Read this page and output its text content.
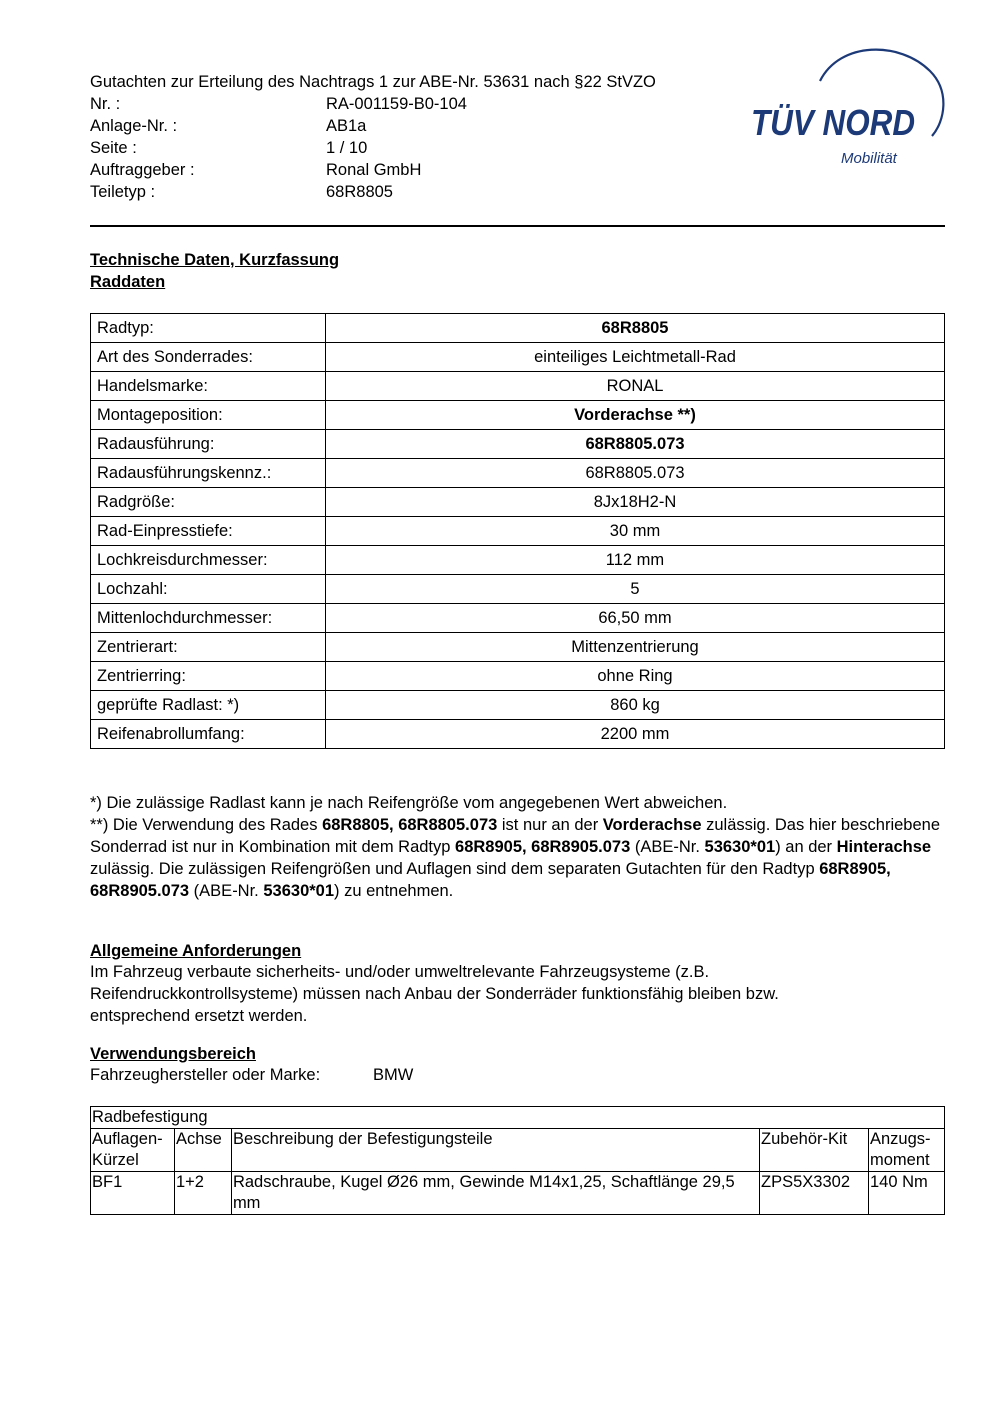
Gutachten zur Erteilung des Nachtrags 1 zur ABE-Nr. 53631 nach §22 StVZO
Nr. :	RA-001159-B0-104
Anlage-Nr. :	AB1a
Seite :	1 / 10
Auftraggeber :	Ronal GmbH
Teiletyp :	68R8805
TÜV NORD
Mobilität
Technische Daten, Kurzfassung
Raddaten
Radtyp:	68R8805
Art des Sonderrades:	einteiliges Leichtmetall-Rad
Handelsmarke:	RONAL
Montageposition:	Vorderachse **)
Radausführung:	68R8805.073
Radausführungskennz.:	68R8805.073
Radgröße:	8Jx18H2-N
Rad-Einpresstiefe:	30 mm
Lochkreisdurchmesser:	112 mm
Lochzahl:	5
Mittenlochdurchmesser:	66,50 mm
Zentrierart:	Mittenzentrierung
Zentrierring:	ohne Ring
geprüfte Radlast: *)	860 kg
Reifenabrollumfang:	2200 mm

*) Die zulässige Radlast kann je nach Reifengröße vom angegebenen Wert abweichen.

**) Die Verwendung des Rades 68R8805, 68R8805.073 ist nur an der Vorderachse zulässig. Das hier beschriebene Sonderrad ist nur in Kombination mit dem Radtyp 68R8905, 68R8905.073 (ABE-Nr. 53630*01) an der Hinterachse zulässig. Die zulässigen Reifengrößen und Auflagen sind dem separaten Gutachten für den Radtyp 68R8905, 68R8905.073 (ABE-Nr. 53630*01) zu entnehmen.

Allgemeine Anforderungen

Im Fahrzeug verbaute sicherheits- und/oder umweltrelevante Fahrzeugsysteme (z.B. Reifendruckkontrollsysteme) müssen nach Anbau der Sonderräder funktionsfähig bleiben bzw. entsprechend ersetzt werden.

Verwendungsbereich
Fahrzeughersteller oder Marke:	BMW
Radbefestigung				
Auflagen-Kürzel	Achse	Beschreibung der Befestigungsteile	Zubehör-Kit	Anzugs-moment
BF1	1+2	Radschraube, Kugel Ø26 mm, Gewinde M14x1,25, Schaftlänge 29,5 mm	ZPS5X3302	140 Nm
